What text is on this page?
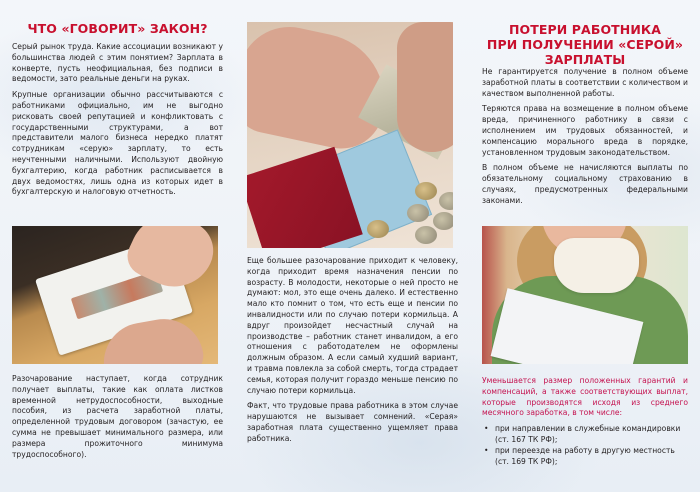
ЧТО «ГОВОРИТ» ЗАКОН?

Серый рынок труда. Какие ассоциации возникают у большинства людей с этим понятием? Зарплата в конверте, пусть неофициальная, без подписи в ведомости, зато реальные деньги на руках.

Крупные организации обычно рассчитываются с работниками официально, им не выгодно рисковать своей репутацией и конфликтовать с государственными структурами, а вот представители малого бизнеса нередко платят сотрудникам «серую» зарплату, то есть неучтенными наличными. Используют двойную бухгалтерию, когда работник расписывается в двух ведомостях, лишь одна из которых идет в бухгалтерскую и налоговую отчетность.

Разочарование наступает, когда сотрудник получает выплаты, такие как оплата листков временной нетрудоспособности, выходные пособия, из расчета заработной платы, определенной трудовым договором (зачастую, ее сумма не превышает минимального размера, или размера прожиточного минимума трудоспособного).

Еще большее разочарование приходит к человеку, когда приходит время назначения пенсии по возрасту. В молодости, некоторые о ней просто не думают: мол, это еще очень далеко. И естественно мало кто помнит о том, что есть еще и пенсии по инвалидности или по случаю потери кормильца. А вдруг произойдет несчастный случай на производстве – работник станет инвалидом, а его отношения с работодателем не оформлены должным образом. А если самый худший вариант, и травма повлекла за собой смерть, тогда страдает семья, которая получит гораздо меньше пенсию по случаю потери кормильца.

Факт, что трудовые права работника в этом случае нарушаются не вызывает сомнений. «Серая» заработная плата существенно ущемляет права работника.

ПОТЕРИ РАБОТНИКА
ПРИ ПОЛУЧЕНИИ «СЕРОЙ»
ЗАРПЛАТЫ

Не гарантируется получение в полном объеме заработной платы в соответствии с количеством и качеством выполненной работы.

Теряются права на возмещение в полном объеме вреда, причиненного работнику в связи с исполнением им трудовых обязанностей, и компенсацию морального вреда в порядке, установленном трудовым законодательством.

В полном объеме не начисляются выплаты по обязательному социальному страхованию в случаях, предусмотренных федеральными законами.

Уменьшается размер положенных гарантий и компенсаций, а также соответствующих выплат, которые производятся исходя из среднего месячного заработка, в том числе:

• при направлении в служебные командировки (ст. 167 ТК РФ);
• при переезде на работу в другую местность (ст. 169 ТК РФ);
